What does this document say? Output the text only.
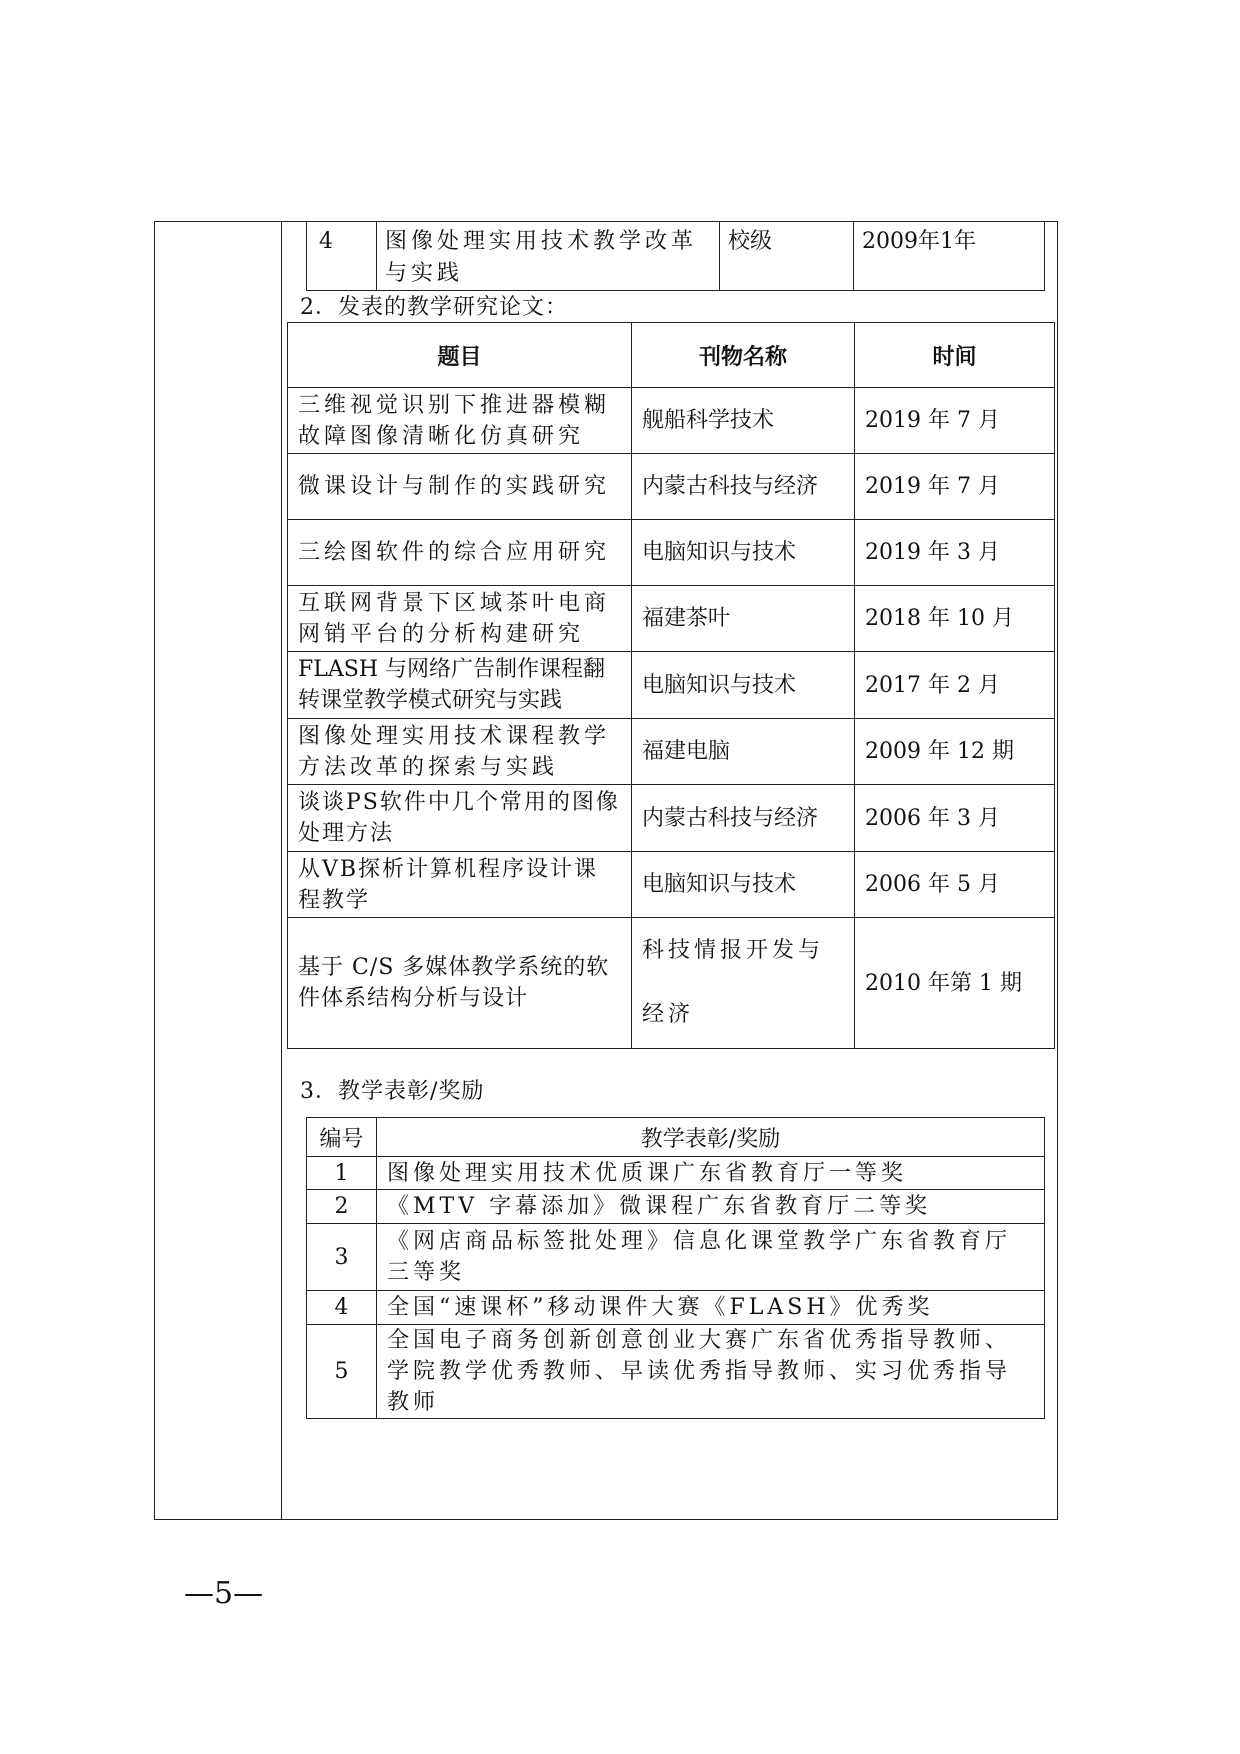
4	图像处理实用技术教学改革与实践	校级	2009年1年
2．发表的教学研究论文：
题目	刊物名称	时间
三维视觉识别下推进器模糊故障图像清晰化仿真研究	舰船科学技术	2019 年 7 月
微课设计与制作的实践研究	内蒙古科技与经济	2019 年 7 月
三绘图软件的综合应用研究	电脑知识与技术	2019 年 3 月
互联网背景下区域茶叶电商网销平台的分析构建研究	福建茶叶	2018 年 10 月
FLASH 与网络广告制作课程翻转课堂教学模式研究与实践	电脑知识与技术	2017 年 2 月
图像处理实用技术课程教学方法改革的探索与实践	福建电脑	2009 年 12 期
谈谈PS软件中几个常用的图像处理方法	内蒙古科技与经济	2006 年 3 月
从VB探析计算机程序设计课程教学	电脑知识与技术	2006 年 5 月
基于 C/S 多媒体教学系统的软件体系结构分析与设计	科技情报开发与经济	2010 年第 1 期
3．教学表彰/奖励
编号	教学表彰/奖励
1	图像处理实用技术优质课广东省教育厅一等奖
2	《MTV 字幕添加》微课程广东省教育厅二等奖
3	《网店商品标签批处理》信息化课堂教学广东省教育厅三等奖
4	全国“速课杯”移动课件大赛《FLASH》优秀奖
5	全国电子商务创新创意创业大赛广东省优秀指导教师、学院教学优秀教师、早读优秀指导教师、实习优秀指导教师
—5—
